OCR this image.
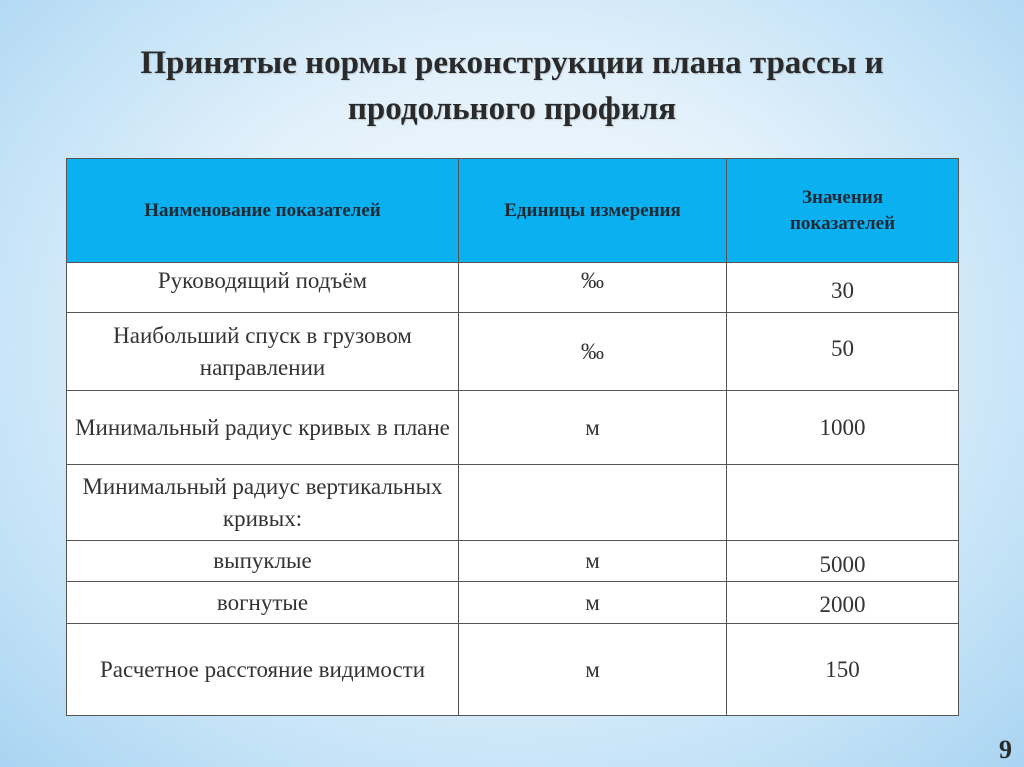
Принятые нормы реконструкции плана трассы и
продольного профиля
Наименование показателей	Единицы измерения	Значения показателей
Руководящий подъём	‰	30
Наибольший спуск в грузовом направлении	‰	50
Минимальный радиус кривых в плане	м	1000
Минимальный радиус вертикальных кривых:		
выпуклые	м	5000
вогнутые	м	2000
Расчетное расстояние видимости	м	150
9
